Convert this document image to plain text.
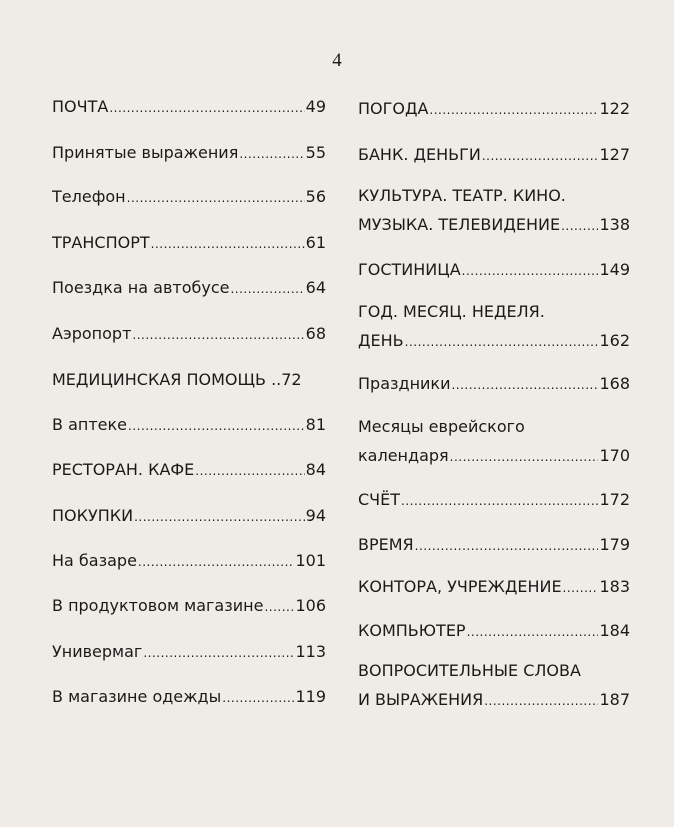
4
ПОЧТА .....	49
Принятые выражения .....	55
Телефон .....	56
ТРАНСПОРТ .....	61
Поездка на автобусе .....	64
Аэропорт .....	68
МЕДИЦИНСКАЯ ПОМОЩЬ .. 72
В аптеке .....	81
РЕСТОРАН. КАФЕ .....	84
ПОКУПКИ .....	94
На базаре .....	101
В продуктовом магазине ..... 106
Универмаг .....	113
В магазине одежды .....	119
ПОГОДА .....	122
БАНК. ДЕНЬГИ .....	127
КУЛЬТУРА. ТЕАТР. КИНО.
МУЗЫКА. ТЕЛЕВИДЕНИЕ ..... 138
ГОСТИНИЦА .....	149
ГОД. МЕСЯЦ. НЕДЕЛЯ.
ДЕНЬ .....	162
Праздники .....	168
Месяцы еврейского
календаря .....	170
СЧЁТ .....	172
ВРЕМЯ .....	179
КОНТОРА, УЧРЕЖДЕНИЕ ..... 183
КОМПЬЮТЕР .....	184
ВОПРОСИТЕЛЬНЫЕ СЛОВА
И ВЫРАЖЕНИЯ .....	187
